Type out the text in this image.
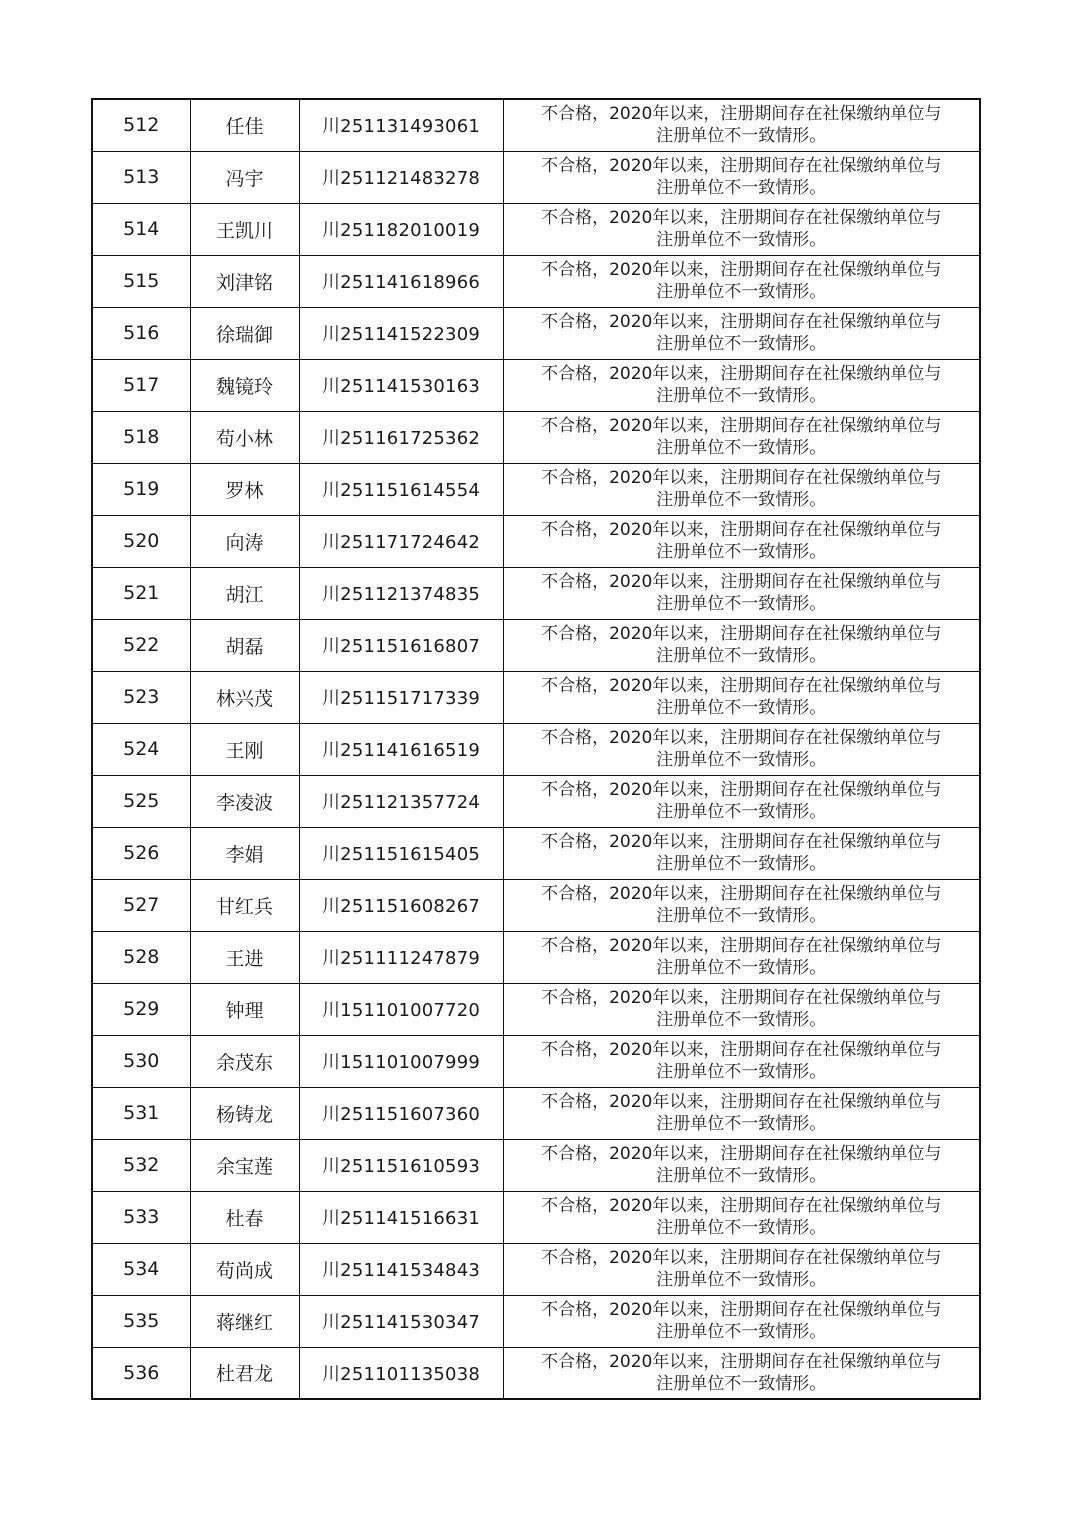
512	任佳	川251131493061	不合格，2020年以来，注册期间存在社保缴纳单位与
注册单位不一致情形。

513	冯宇	川251121483278	不合格，2020年以来，注册期间存在社保缴纳单位与
注册单位不一致情形。

514	王凯川	川251182010019	不合格，2020年以来，注册期间存在社保缴纳单位与
注册单位不一致情形。

515	刘津铭	川251141618966	不合格，2020年以来，注册期间存在社保缴纳单位与
注册单位不一致情形。

516	徐瑞御	川251141522309	不合格，2020年以来，注册期间存在社保缴纳单位与
注册单位不一致情形。

517	魏镜玲	川251141530163	不合格，2020年以来，注册期间存在社保缴纳单位与
注册单位不一致情形。

518	苟小林	川251161725362	不合格，2020年以来，注册期间存在社保缴纳单位与
注册单位不一致情形。

519	罗林	川251151614554	不合格，2020年以来，注册期间存在社保缴纳单位与
注册单位不一致情形。

520	向涛	川251171724642	不合格，2020年以来，注册期间存在社保缴纳单位与
注册单位不一致情形。

521	胡江	川251121374835	不合格，2020年以来，注册期间存在社保缴纳单位与
注册单位不一致情形。

522	胡磊	川251151616807	不合格，2020年以来，注册期间存在社保缴纳单位与
注册单位不一致情形。

523	林兴茂	川251151717339	不合格，2020年以来，注册期间存在社保缴纳单位与
注册单位不一致情形。

524	王刚	川251141616519	不合格，2020年以来，注册期间存在社保缴纳单位与
注册单位不一致情形。

525	李凌波	川251121357724	不合格，2020年以来，注册期间存在社保缴纳单位与
注册单位不一致情形。

526	李娟	川251151615405	不合格，2020年以来，注册期间存在社保缴纳单位与
注册单位不一致情形。

527	甘红兵	川251151608267	不合格，2020年以来，注册期间存在社保缴纳单位与
注册单位不一致情形。

528	王进	川251111247879	不合格，2020年以来，注册期间存在社保缴纳单位与
注册单位不一致情形。

529	钟理	川151101007720	不合格，2020年以来，注册期间存在社保缴纳单位与
注册单位不一致情形。

530	余茂东	川151101007999	不合格，2020年以来，注册期间存在社保缴纳单位与
注册单位不一致情形。

531	杨铸龙	川251151607360	不合格，2020年以来，注册期间存在社保缴纳单位与
注册单位不一致情形。

532	余宝莲	川251151610593	不合格，2020年以来，注册期间存在社保缴纳单位与
注册单位不一致情形。

533	杜春	川251141516631	不合格，2020年以来，注册期间存在社保缴纳单位与
注册单位不一致情形。

534	苟尚成	川251141534843	不合格，2020年以来，注册期间存在社保缴纳单位与
注册单位不一致情形。

535	蒋继红	川251141530347	不合格，2020年以来，注册期间存在社保缴纳单位与
注册单位不一致情形。

536	杜君龙	川251101135038	不合格，2020年以来，注册期间存在社保缴纳单位与
注册单位不一致情形。
